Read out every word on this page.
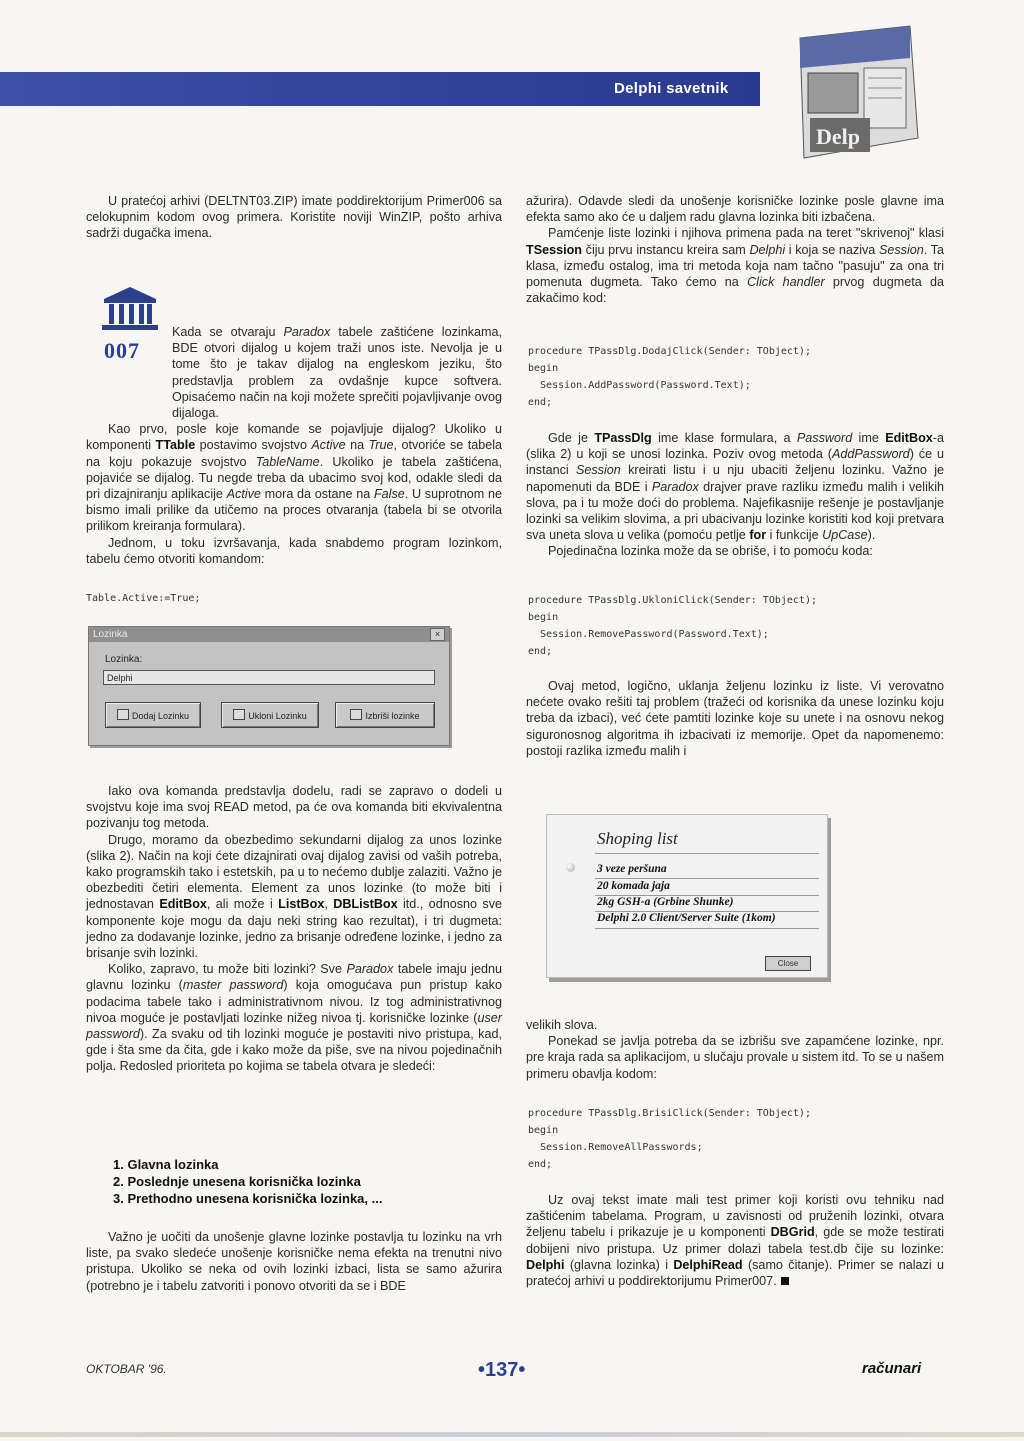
Delphi savetnik
Delp

U pratećoj arhivi (DELTNT03.ZIP) imate poddirektorijum Primer006 sa celokupnim kodom ovog primera. Koristite noviji WinZIP, pošto arhiva sadrži dugačka imena.

007

Kada se otvaraju Paradox tabele zaštićene lozinkama, BDE otvori dijalog u kojem traži unos iste. Nevolja je u tome što je takav dijalog na engleskom jeziku, što predstavlja problem za ovdašnje kupce softvera. Opisaćemo način na koji možete sprečiti pojavljivanje ovog dijaloga.

Kao prvo, posle koje komande se pojavljuje dijalog? Ukoliko u komponenti TTable postavimo svojstvo Active na True, otvoriće se tabela na koju pokazuje svojstvo TableName. Ukoliko je tabela zaštićena, pojaviće se dijalog. Tu negde treba da ubacimo svoj kod, odakle sledi da pri dizajniranju aplikacije Active mora da ostane na False. U suprotnom ne bismo imali prilike da utičemo na proces otvaranja (tabela bi se otvorila prilikom kreiranja formulara).

Jednom, u toku izvršavanja, kada snabdemo program lozinkom, tabelu ćemo otvoriti komandom:

Table.Active:=True;
Lozinka	×
Lozinka:
Delphi
Dodaj Lozinku	Ukloni Lozinku	Izbriši lozinke

Iako ova komanda predstavlja dodelu, radi se zapravo o dodeli u svojstvu koje ima svoj READ metod, pa će ova komanda biti ekvivalentna pozivanju tog metoda.

Drugo, moramo da obezbedimo sekundarni dijalog za unos lozinke (slika 2). Način na koji ćete dizajnirati ovaj dijalog zavisi od vaših potreba, kako programskih tako i estetskih, pa u to nećemo dublje zalaziti. Važno je obezbediti četiri elementa. Element za unos lozinke (to može biti i jednostavan EditBox, ali može i ListBox, DBListBox itd., odnosno sve komponente koje mogu da daju neki string kao rezultat), i tri dugmeta: jedno za dodavanje lozinke, jedno za brisanje određene lozinke, i jedno za brisanje svih lozinki.

Koliko, zapravo, tu može biti lozinki? Sve Paradox tabele imaju jednu glavnu lozinku (master password) koja omogućava pun pristup kako podacima tabele tako i administrativnom nivou. Iz tog administrativnog nivoa moguće je postavljati lozinke nižeg nivoa tj. korisničke lozinke (user password). Za svaku od tih lozinki moguće je postaviti nivo pristupa, kad, gde i šta sme da čita, gde i kako može da piše, sve na nivou pojedinačnih polja. Redosled prioriteta po kojima se tabela otvara je sledeći:

1. Glavna lozinka
2. Poslednje unesena korisnička lozinka
3. Prethodno unesena korisnička lozinka, ...

Važno je uočiti da unošenje glavne lozinke postavlja tu lozinku na vrh liste, pa svako sledeće unošenje korisničke nema efekta na trenutni nivo pristupa. Ukoliko se neka od ovih lozinki izbaci, lista se samo ažurira (potrebno je i tabelu zatvoriti i ponovo otvoriti da se i BDE

ažurira). Odavde sledi da unošenje korisničke lozinke posle glavne ima efekta samo ako će u daljem radu glavna lozinka biti izbačena.

Pamćenje liste lozinki i njihova primena pada na teret "skrivenoj" klasi TSession čiju prvu instancu kreira sam Delphi i koja se naziva Session. Ta klasa, između ostalog, ima tri metoda koja nam tačno "pasuju" za ona tri pomenuta dugmeta. Tako ćemo na Click handler prvog dugmeta da zakačimo kod:

procedure TPassDlg.DodajClick(Sender: TObject);
begin
Session.AddPassword(Password.Text);
end;

Gde je TPassDlg ime klase formulara, a Password ime EditBox-a (slika 2) u koji se unosi lozinka. Poziv ovog metoda (AddPassword) će u instanci Session kreirati listu i u nju ubaciti željenu lozinku. Važno je napomenuti da BDE i Paradox drajver prave razliku između malih i velikih slova, pa i tu može doći do problema. Najefikasnije rešenje je postavljanje lozinki sa velikim slovima, a pri ubacivanju lozinke koristiti kod koji pretvara sva uneta slova u velika (pomoću petlje for i funkcije UpCase).

Pojedinačna lozinka može da se obriše, i to pomoću koda:

procedure TPassDlg.UkloniClick(Sender: TObject);
begin
Session.RemovePassword(Password.Text);
end;

Ovaj metod, logično, uklanja željenu lozinku iz liste. Vi verovatno nećete ovako rešiti taj problem (tražeći od korisnika da unese lozinku koju treba da izbaci), već ćete pamtiti lozinke koje su unete i na osnovu nekog siguronosnog algoritma ih izbacivati iz memorije. Opet da napomenemo: postoji razlika između malih i

Shoping list
3 veze peršuna
20 komada jaja
2kg GSH-a (Grbine Shunke)
Delphi 2.0 Client/Server Suite (1kom)
Close

velikih slova.

Ponekad se javlja potreba da se izbrišu sve zapamćene lozinke, npr. pre kraja rada sa aplikacijom, u slučaju provale u sistem itd. To se u našem primeru obavlja kodom:

procedure TPassDlg.BrisiClick(Sender: TObject);
begin
Session.RemoveAllPasswords;
end;

Uz ovaj tekst imate mali test primer koji koristi ovu tehniku nad zaštićenim tabelama. Program, u zavisnosti od pruženih lozinki, otvara željenu tabelu i prikazuje je u komponenti DBGrid, gde se može testirati dobijeni nivo pristupa. Uz primer dolazi tabela test.db čije su lozinke: Delphi (glavna lozinka) i DelphiRead (samo čitanje). Primer se nalazi u pratećoj arhivi u poddirektorijumu Primer007.

OKTOBAR '96.	•137•	računari
